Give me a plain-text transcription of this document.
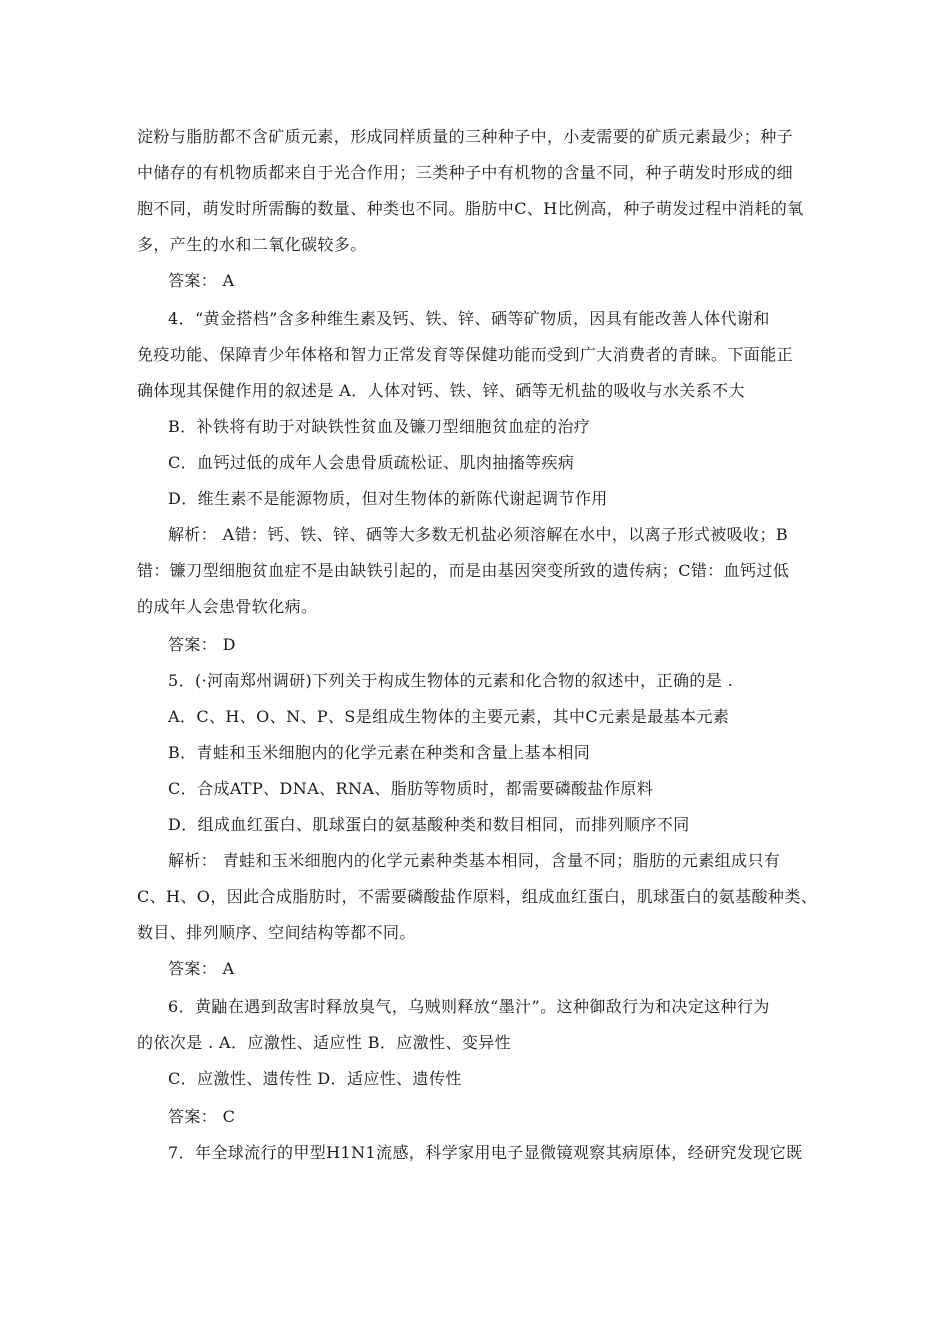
淀粉与脂肪都不含矿质元素，形成同样质量的三种种子中，小麦需要的矿质元素最少；种子
中储存的有机物质都来自于光合作用；三类种子中有机物的含量不同，种子萌发时形成的细
胞不同，萌发时所需酶的数量、种类也不同。脂肪中C、H比例高，种子萌发过程中消耗的氧
多，产生的水和二氧化碳较多。
答案： A
4．“黄金搭档”含多种维生素及钙、铁、锌、硒等矿物质，因具有能改善人体代谢和
免疫功能、保障青少年体格和智力正常发育等保健功能而受到广大消费者的青睐。下面能正
确体现其保健作用的叙述是 A．人体对钙、铁、锌、硒等无机盐的吸收与水关系不大
B．补铁将有助于对缺铁性贫血及镰刀型细胞贫血症的治疗
C．血钙过低的成年人会患骨质疏松证、肌肉抽搐等疾病
D．维生素不是能源物质，但对生物体的新陈代谢起调节作用
解析： A错：钙、铁、锌、硒等大多数无机盐必须溶解在水中，以离子形式被吸收；B
错：镰刀型细胞贫血症不是由缺铁引起的，而是由基因突变所致的遗传病；C错：血钙过低
的成年人会患骨软化病。
答案： D
5．(·河南郑州调研)下列关于构成生物体的元素和化合物的叙述中，正确的是 .
A．C、H、O、N、P、S是组成生物体的主要元素，其中C元素是最基本元素
B．青蛙和玉米细胞内的化学元素在种类和含量上基本相同
C．合成ATP、DNA、RNA、脂肪等物质时，都需要磷酸盐作原料
D．组成血红蛋白、肌球蛋白的氨基酸种类和数目相同，而排列顺序不同
解析： 青蛙和玉米细胞内的化学元素种类基本相同，含量不同；脂肪的元素组成只有
C、H、O，因此合成脂肪时，不需要磷酸盐作原料，组成血红蛋白，肌球蛋白的氨基酸种类、
数目、排列顺序、空间结构等都不同。
答案： A
6．黄鼬在遇到敌害时释放臭气，乌贼则释放“墨汁”。这种御敌行为和决定这种行为
的依次是 . A．应激性、适应性 B．应激性、变异性
C．应激性、遗传性 D．适应性、遗传性
答案： C
7．年全球流行的甲型H1N1流感，科学家用电子显微镜观察其病原体，经研究发现它既
